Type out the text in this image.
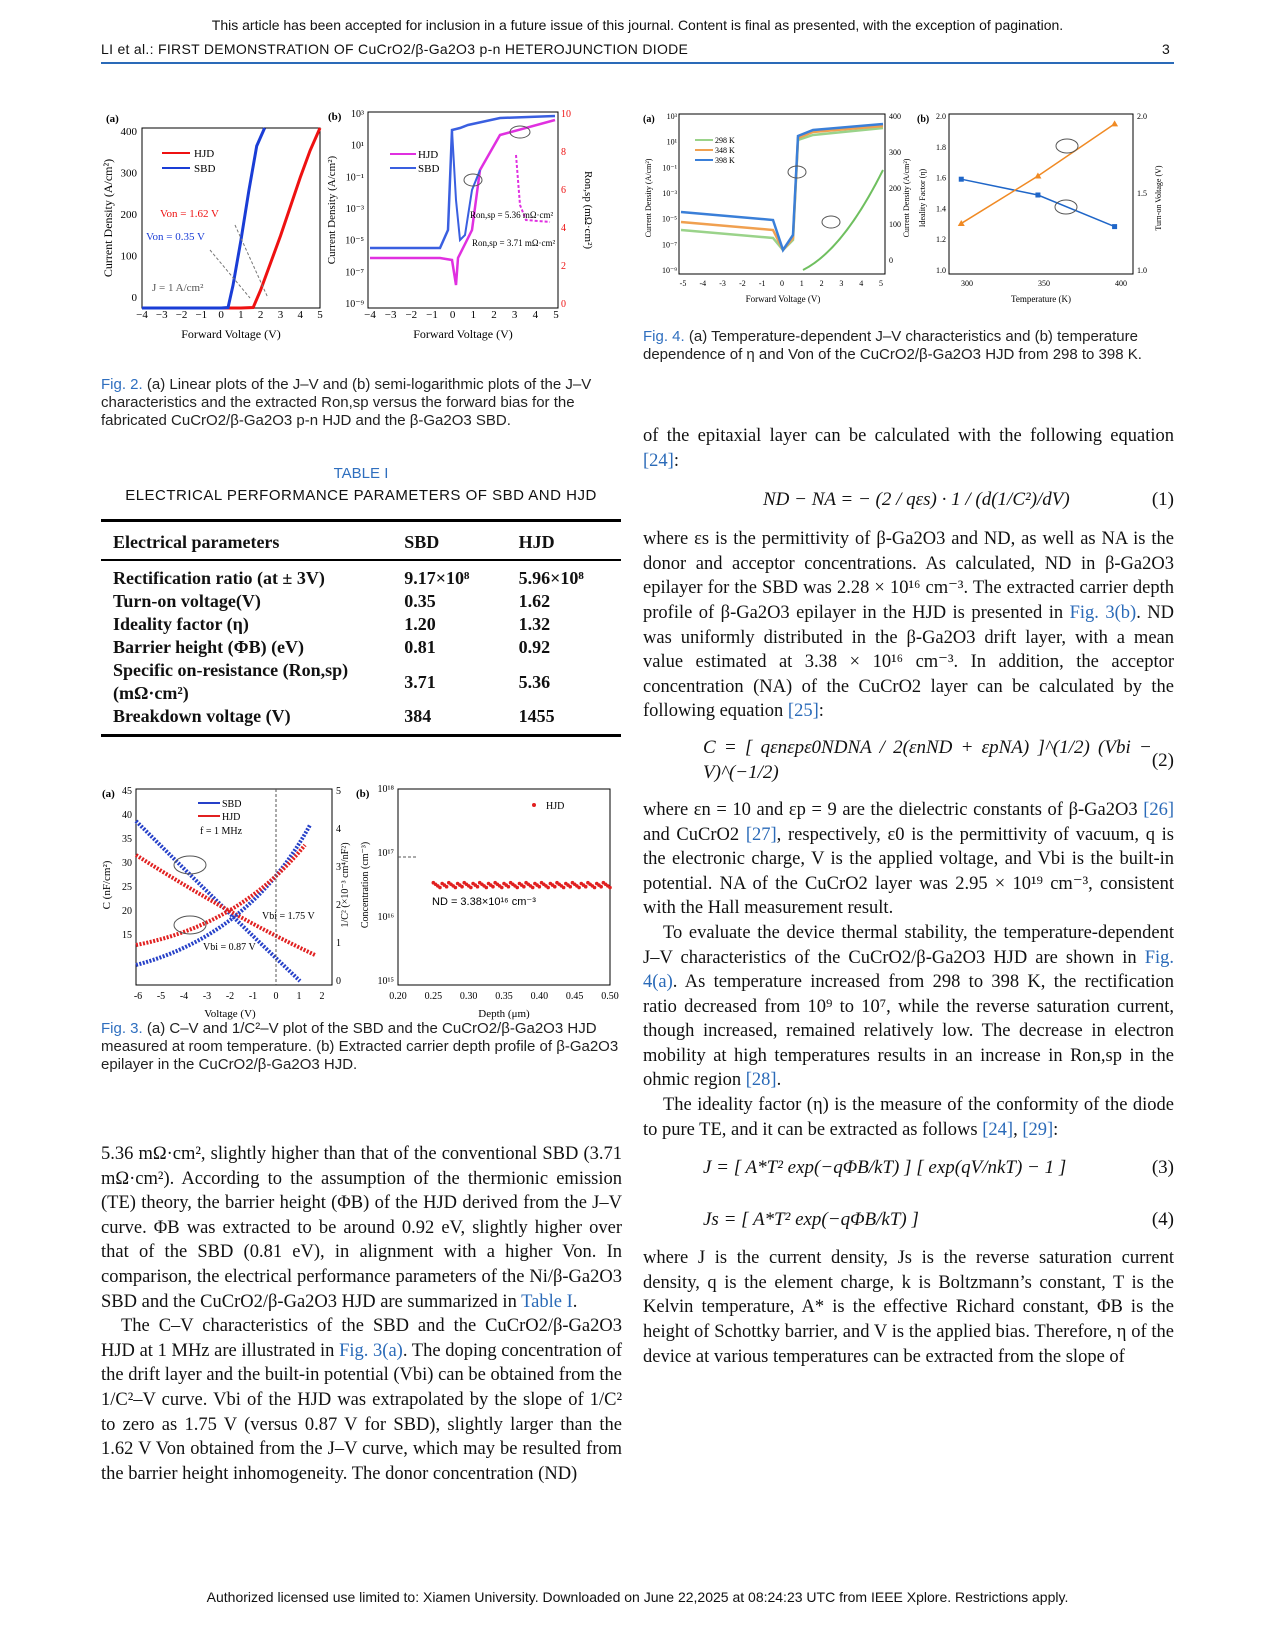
This article has been accepted for inclusion in a future issue of this journal. Content is final as presented, with the exception of pagination.
LI et al.: FIRST DEMONSTRATION OF CuCrO2/β-Ga2O3 p-n HETEROJUNCTION DIODE	3
(a)
400
300
200
100
0
−4 −3 −2 −1 0 1 2 3 4 5
Current Density (A/cm²)
Forward Voltage (V)
HJD
SBD
Von = 1.62 V
Von = 0.35 V
J = 1 A/cm²
(b) 10³
10¹
10⁻¹
10⁻³
10⁻⁵
10⁻⁷
10⁻⁹
10
8
6
4
2
0
−4 −3 −2 −1 0 1 2 3 4 5
Current Density (A/cm²)	Ron,sp (mΩ·cm²)
Forward Voltage (V)
HJD
SBD
Ron,sp = 5.36 mΩ·cm²
Ron,sp = 3.71 mΩ·cm²
Fig. 2. (a) Linear plots of the J–V and (b) semi-logarithmic plots of the J–V characteristics and the extracted Ron,sp versus the forward bias for the fabricated CuCrO2/β-Ga2O3 p-n HJD and the β-Ga2O3 SBD.
TABLE I
ELECTRICAL PERFORMANCE PARAMETERS OF SBD AND HJD
Electrical parameters	SBD	HJD
Rectification ratio (at ± 3V)	9.17×10⁸	5.96×10⁸
Turn-on voltage(V)	0.35	1.62
Ideality factor (η)	1.20	1.32
Barrier height (ΦB) (eV)	0.81	0.92
Specific on-resistance (Ron,sp) (mΩ·cm²)	3.71	5.36
Breakdown voltage (V)	384	1455
(a) 45
40
35
30
25
20
15
5
4
3
2
1
0
-6 -5 -4 -3 -2 -1 0 1 2
C (nF/cm²)	1/C² (×10⁻³ cm⁴/nF²)
Voltage (V)
SBD
HJD
f = 1 MHz
Vbi = 1.75 V
Vbi = 0.87 V
(b) 10¹⁸
10¹⁷
10¹⁶
10¹⁵
0.20 0.25 0.30 0.35 0.40 0.45 0.50
Concentration (cm⁻³)
Depth (μm)
HJD
ND = 3.38×10¹⁶ cm⁻³
Fig. 3. (a) C–V and 1/C²–V plot of the SBD and the CuCrO2/β-Ga2O3 HJD measured at room temperature. (b) Extracted carrier depth profile of β-Ga2O3 epilayer in the CuCrO2/β-Ga2O3 HJD.

5.36 mΩ·cm², slightly higher than that of the conventional SBD (3.71 mΩ·cm²). According to the assumption of the thermionic emission (TE) theory, the barrier height (ΦB) of the HJD derived from the J–V curve. ΦB was extracted to be around 0.92 eV, slightly higher over that of the SBD (0.81 eV), in alignment with a higher Von. In comparison, the electrical performance parameters of the Ni/β-Ga2O3 SBD and the CuCrO2/β-Ga2O3 HJD are summarized in Table I.

The C–V characteristics of the SBD and the CuCrO2/β-Ga2O3 HJD at 1 MHz are illustrated in Fig. 3(a). The doping concentration of the drift layer and the built-in potential (Vbi) can be obtained from the 1/C²–V curve. Vbi of the HJD was extrapolated by the slope of 1/C² to zero as 1.75 V (versus 0.87 V for SBD), slightly larger than the 1.62 V Von obtained from the J–V curve, which may be resulted from the barrier height inhomogeneity. The donor concentration (ND)

(a) 10³
10¹
10⁻¹
10⁻³
10⁻⁵
10⁻⁷
10⁻⁹
400
300
200
100
0
-5 -4 -3 -2 -1 0 1 2 3 4 5
Current Density (A/cm²)	Current Density (A/cm²)
Forward Voltage (V)
298 K
348 K
398 K
(b) 2.0
1.8
1.6
1.4
1.2
1.0
2.0
1.5
1.0
300	350	400
Ideality Factor (η)	Turn-on Voltage (V)
Temperature (K)
Fig. 4. (a) Temperature-dependent J–V characteristics and (b) temperature dependence of η and Von of the CuCrO2/β-Ga2O3 HJD from 298 to 398 K.

of the epitaxial layer can be calculated with the following equation [24]:

ND − NA = − (2 / qεs) · 1 / (d(1/C²)/dV)	(1)

where εs is the permittivity of β-Ga2O3 and ND, as well as NA is the donor and acceptor concentrations. As calculated, ND in β-Ga2O3 epilayer for the SBD was 2.28 × 10¹⁶ cm⁻³. The extracted carrier depth profile of β-Ga2O3 epilayer in the HJD is presented in Fig. 3(b). ND was uniformly distributed in the β-Ga2O3 drift layer, with a mean value estimated at 3.38 × 10¹⁶ cm⁻³. In addition, the acceptor concentration (NA) of the CuCrO2 layer can be calculated by the following equation [25]:

C = [ qεnεpε0NDNA / 2(εnND + εpNA) ]^(1/2) (Vbi − V)^(−1/2)
(2)

where εn = 10 and εp = 9 are the dielectric constants of β-Ga2O3 [26] and CuCrO2 [27], respectively, ε0 is the permittivity of vacuum, q is the electronic charge, V is the applied voltage, and Vbi is the built-in potential. NA of the CuCrO2 layer was 2.95 × 10¹⁹ cm⁻³, consistent with the Hall measurement result.

To evaluate the device thermal stability, the temperature-dependent J–V characteristics of the CuCrO2/β-Ga2O3 HJD are shown in Fig. 4(a). As temperature increased from 298 to 398 K, the rectification ratio decreased from 10⁹ to 10⁷, while the reverse saturation current, though increased, remained relatively low. The decrease in electron mobility at high temperatures results in an increase in Ron,sp in the ohmic region [28].

The ideality factor (η) is the measure of the conformity of the diode to pure TE, and it can be extracted as follows [24], [29]:

J = [ A*T² exp(−qΦB/kT) ] [ exp(qV/nkT) − 1 ]	(3)
Js = [ A*T² exp(−qΦB/kT) ]	(4)

where J is the current density, Js is the reverse saturation current density, q is the element charge, k is Boltzmann’s constant, T is the Kelvin temperature, A* is the effective Richard constant, ΦB is the height of Schottky barrier, and V is the applied bias. Therefore, η of the device at various temperatures can be extracted from the slope of

Authorized licensed use limited to: Xiamen University. Downloaded on June 22,2025 at 08:24:23 UTC from IEEE Xplore. Restrictions apply.
